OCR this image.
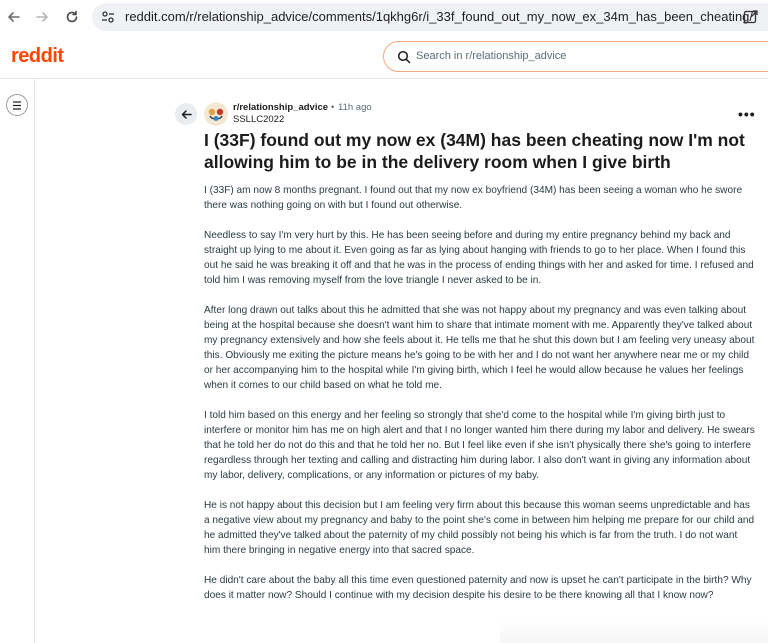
reddit.com/r/relationship_advice/comments/1qkhg6r/i_33f_found_out_my_now_ex_34m_has_been_cheating/
reddit	Search in r/relationship_advice
r/relationship_advice • 11h ago
SSLLC2022	•••
I (33F) found out my now ex (34M) has been cheating now I'm not allowing him to be in the delivery room when I give birth

I (33F) am now 8 months pregnant. I found out that my now ex boyfriend (34M) has been seeing a woman who he swore there was nothing going on with but I found out otherwise.

Needless to say I'm very hurt by this. He has been seeing before and during my entire pregnancy behind my back and straight up lying to me about it. Even going as far as lying about hanging with friends to go to her place. When I found this out he said he was breaking it off and that he was in the process of ending things with her and asked for time. I refused and told him I was removing myself from the love triangle I never asked to be in.

After long drawn out talks about this he admitted that she was not happy about my pregnancy and was even talking about being at the hospital because she doesn't want him to share that intimate moment with me. Apparently they've talked about my pregnancy extensively and how she feels about it. He tells me that he shut this down but I am feeling very uneasy about this. Obviously me exiting the picture means he's going to be with her and I do not want her anywhere near me or my child or her accompanying him to the hospital while I'm giving birth, which I feel he would allow because he values her feelings when it comes to our child based on what he told me.

I told him based on this energy and her feeling so strongly that she'd come to the hospital while I'm giving birth just to interfere or monitor him has me on high alert and that I no longer wanted him there during my labor and delivery. He swears that he told her do not do this and that he told her no. But I feel like even if she isn't physically there she's going to interfere regardless through her texting and calling and distracting him during labor. I also don't want in giving any information about my labor, delivery, complications, or any information or pictures of my baby.

He is not happy about this decision but I am feeling very firm about this because this woman seems unpredictable and has a negative view about my pregnancy and baby to the point she's come in between him helping me prepare for our child and he admitted they've talked about the paternity of my child possibly not being his which is far from the truth. I do not want him there bringing in negative energy into that sacred space.

He didn't care about the baby all this time even questioned paternity and now is upset he can't participate in the birth? Why does it matter now? Should I continue with my decision despite his desire to be there knowing all that I know now?
